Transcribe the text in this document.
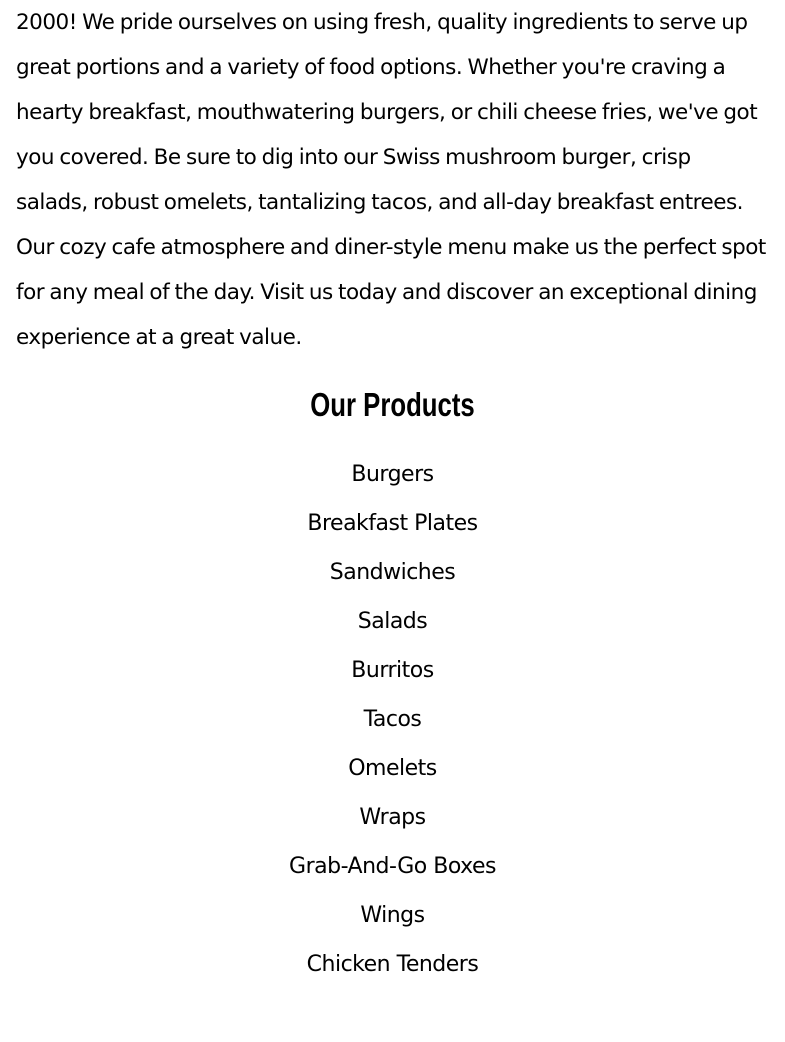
2000! We pride ourselves on using fresh, quality ingredients to serve up
great portions and a variety of food options. Whether you're craving a
hearty breakfast, mouthwatering burgers, or chili cheese fries, we've got
you covered. Be sure to dig into our Swiss mushroom burger, crisp
salads, robust omelets, tantalizing tacos, and all-day breakfast entrees.
Our cozy cafe atmosphere and diner-style menu make us the perfect spot
for any meal of the day. Visit us today and discover an exceptional dining
experience at a great value.

Our Products
Burgers
Breakfast Plates
Sandwiches
Salads
Burritos
Tacos
Omelets
Wraps
Grab-And-Go Boxes
Wings
Chicken Tenders
